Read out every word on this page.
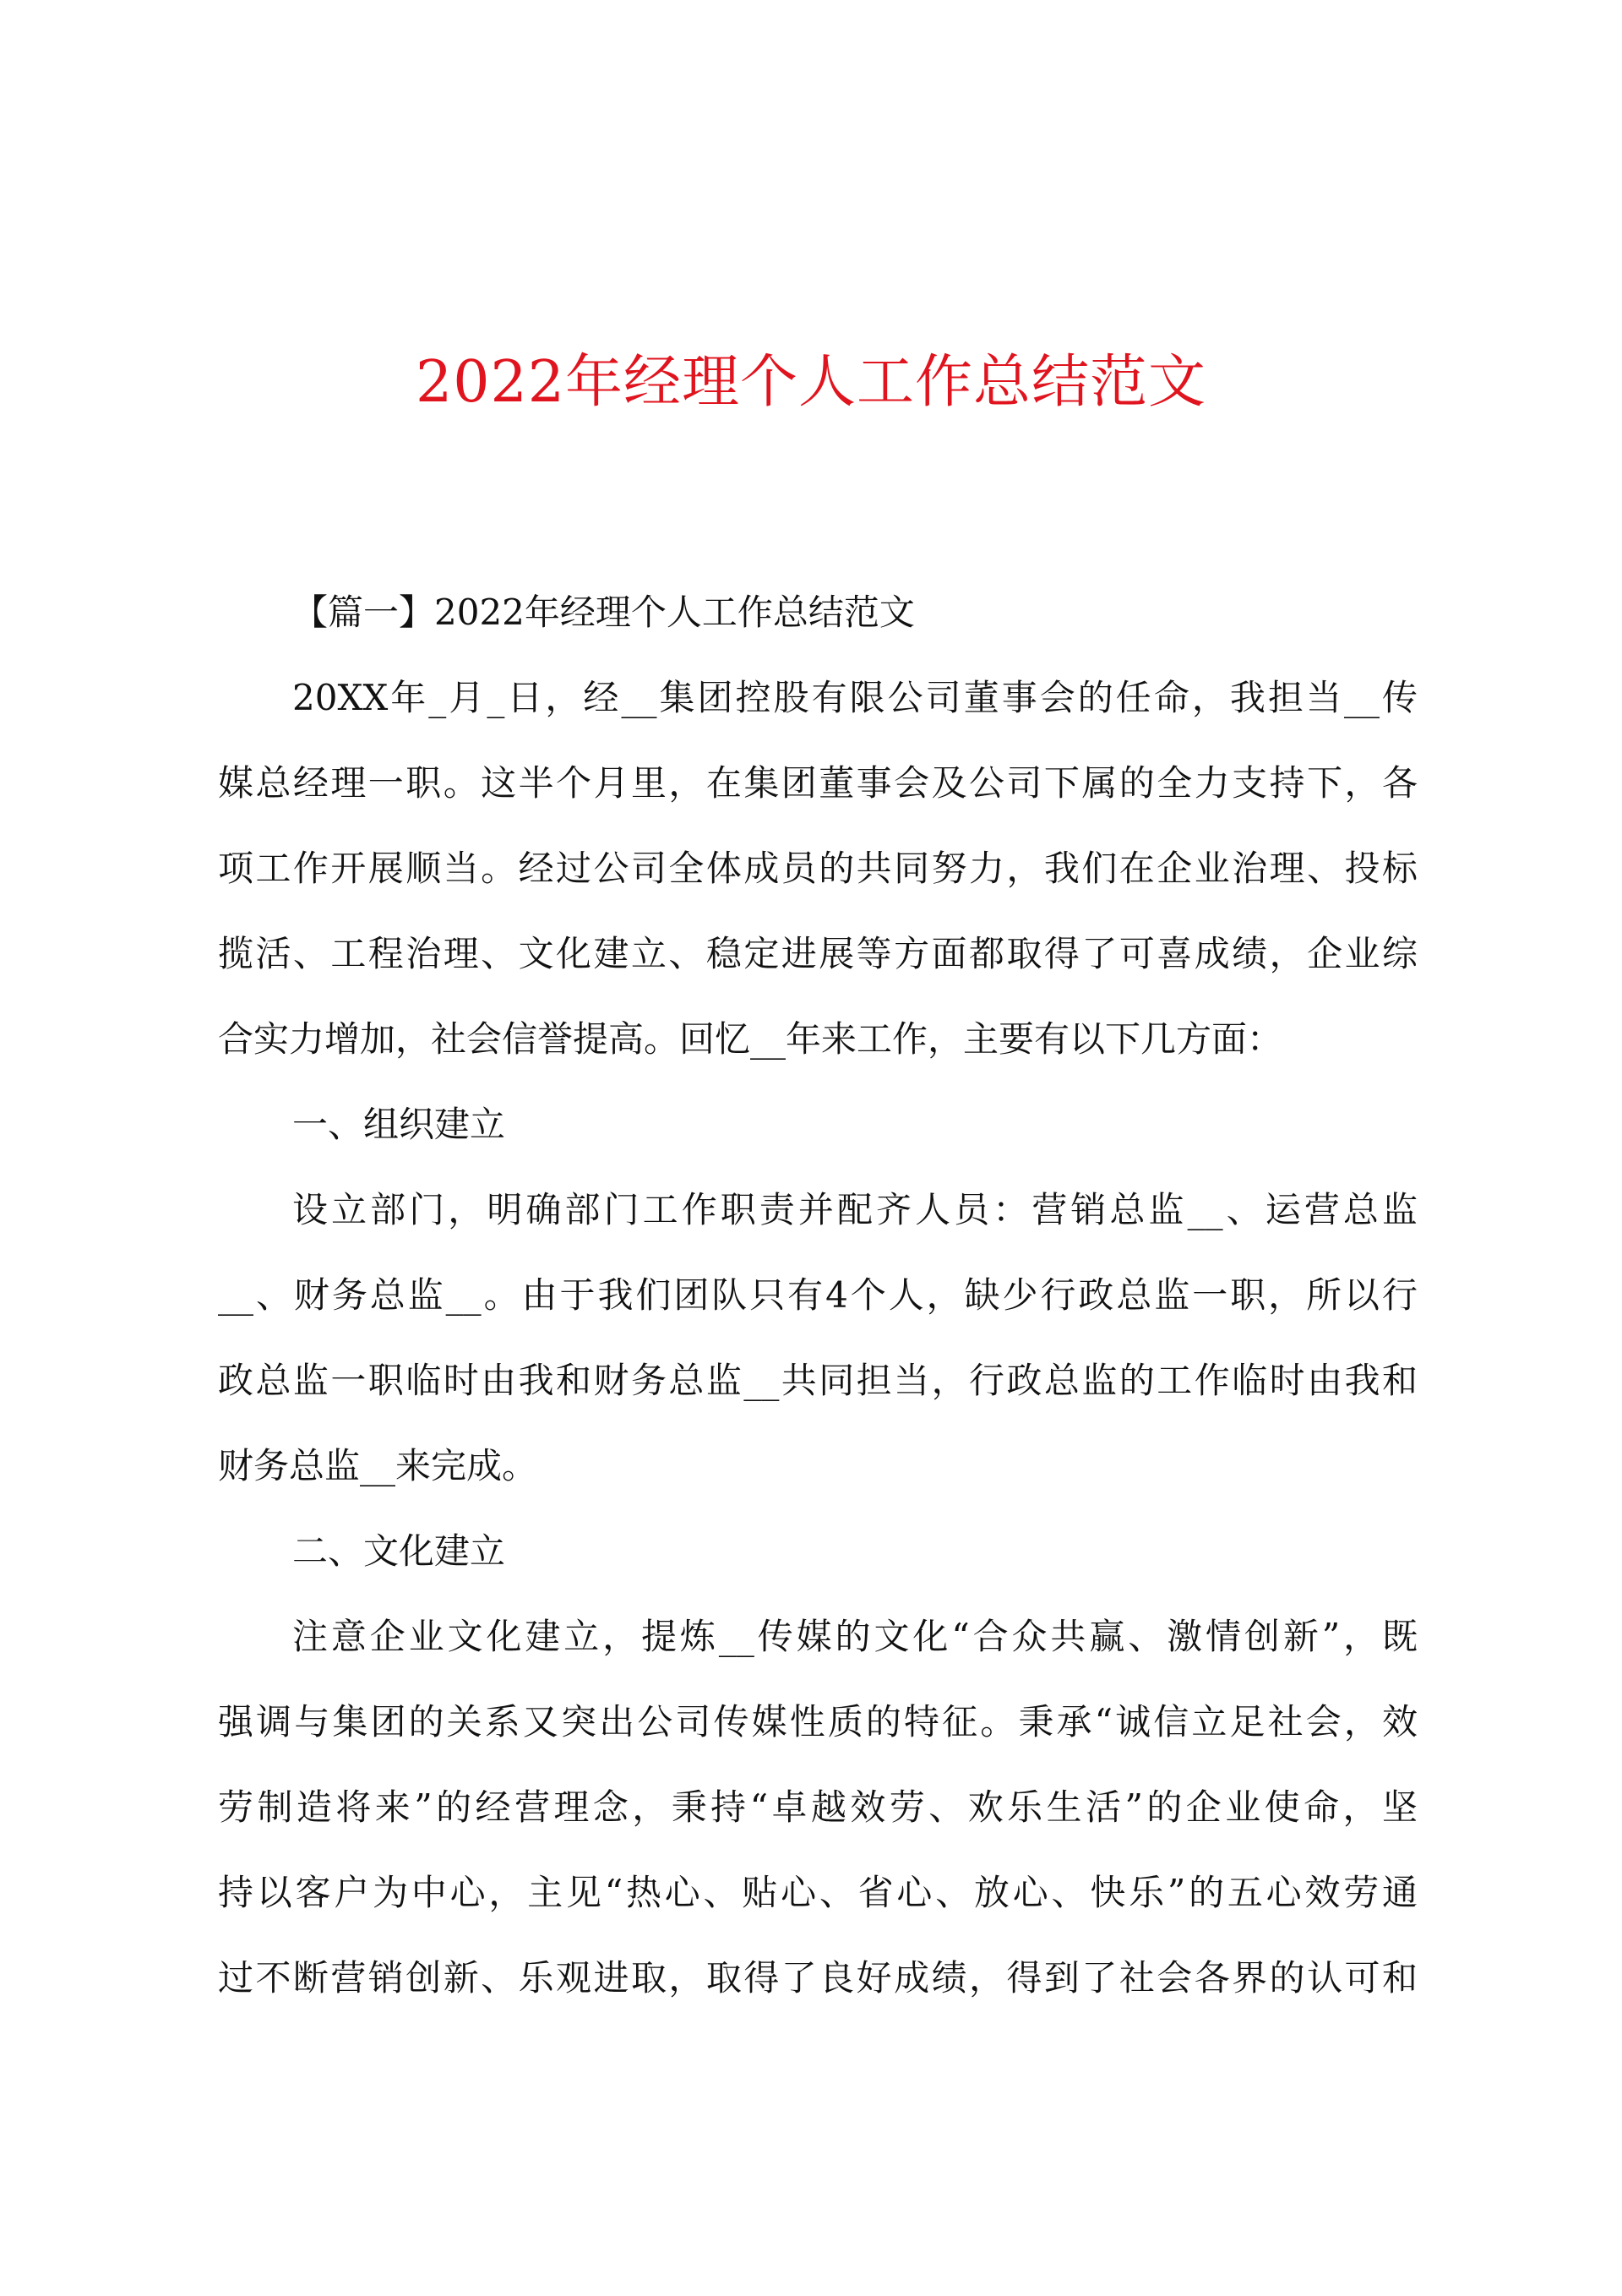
2022年经理个人工作总结范文
【篇一】2022年经理个人工作总结范文
20XX年_月_日，经__集团控股有限公司董事会的任命，我担当__传
媒总经理一职。这半个月里，在集团董事会及公司下属的全力支持下，各
项工作开展顺当。经过公司全体成员的共同努力，我们在企业治理、投标
揽活、工程治理、文化建立、稳定进展等方面都取得了可喜成绩，企业综
合实力增加，社会信誉提高。回忆__年来工作，主要有以下几方面：
一、组织建立
设立部门，明确部门工作职责并配齐人员：营销总监__、运营总监
__、财务总监__。由于我们团队只有4个人，缺少行政总监一职，所以行
政总监一职临时由我和财务总监__共同担当，行政总监的工作临时由我和
财务总监__来完成。
二、文化建立
注意企业文化建立，提炼__传媒的文化“合众共赢、激情创新”，既
强调与集团的关系又突出公司传媒性质的特征。秉承“诚信立足社会，效
劳制造将来”的经营理念，秉持“卓越效劳、欢乐生活”的企业使命，坚
持以客户为中心，主见“热心、贴心、省心、放心、快乐”的五心效劳通
过不断营销创新、乐观进取，取得了良好成绩，得到了社会各界的认可和
